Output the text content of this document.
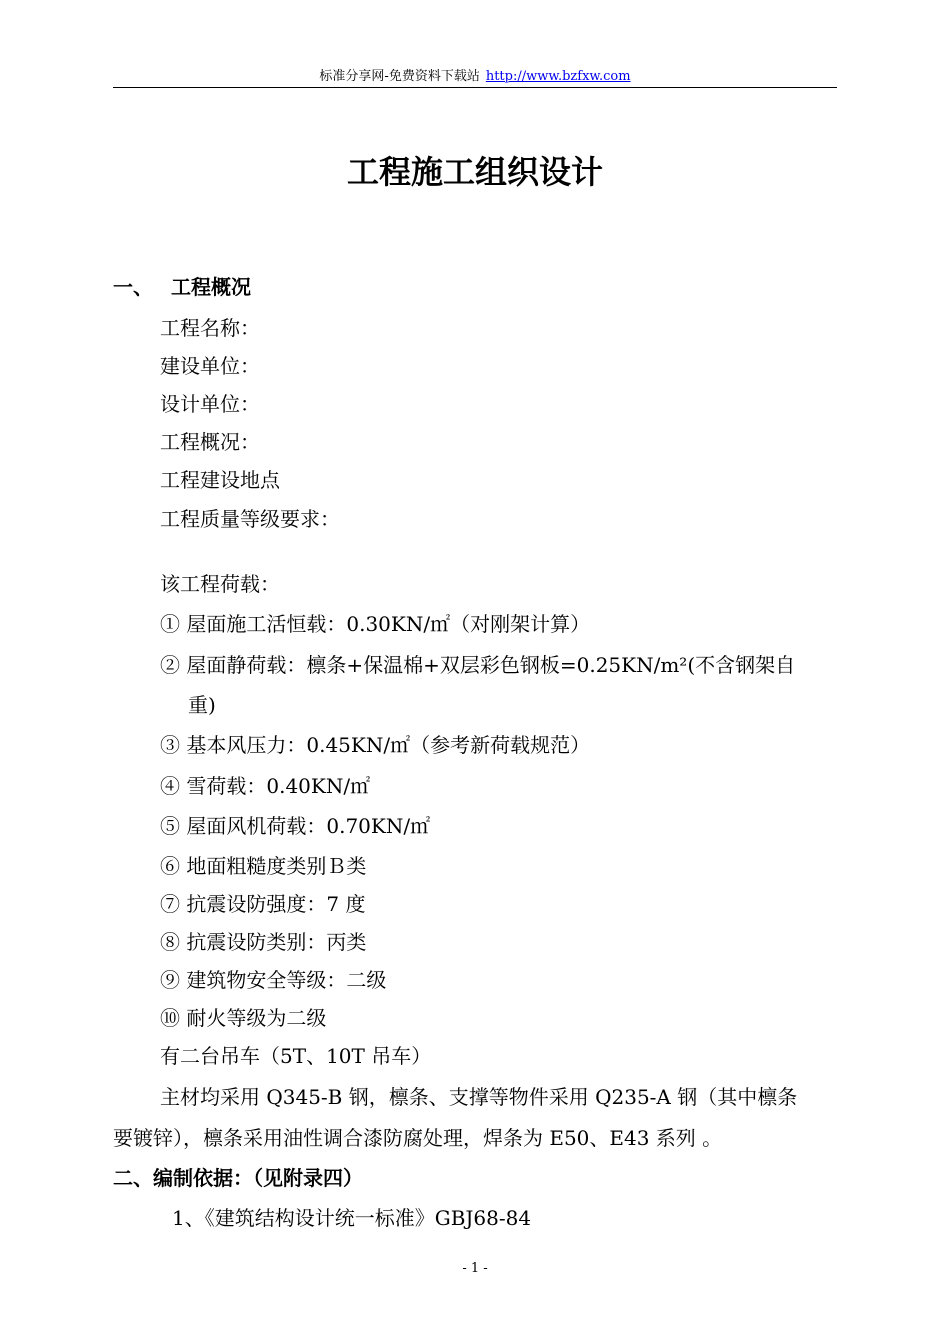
标准分享网-免费资料下载站 http://www.bzfxw.com
工程施工组织设计
一、 工程概况
工程名称：
建设单位：
设计单位：
工程概况：
工程建设地点
工程质量等级要求：
该工程荷载：
① 屋面施工活恒载：0.30KN/㎡（对刚架计算）
② 屋面静荷载：檩条+保温棉+双层彩色钢板=0.25KN/m²(不含钢架自
重)
③ 基本风压力：0.45KN/㎡（参考新荷载规范）
④ 雪荷载：0.40KN/㎡
⑤ 屋面风机荷载：0.70KN/㎡
⑥ 地面粗糙度类别Ｂ类
⑦ 抗震设防强度：7 度
⑧ 抗震设防类别：丙类
⑨ 建筑物安全等级：二级
⑩ 耐火等级为二级
有二台吊车（5T、10T 吊车）
主材均采用 Q345-B 钢，檩条、支撑等物件采用 Q235-A 钢（其中檩条
要镀锌），檩条采用油性调合漆防腐处理，焊条为 E50、E43 系列 。
二、编制依据：（见附录四）
1、《建筑结构设计统一标准》GBJ68-84
- 1 -
